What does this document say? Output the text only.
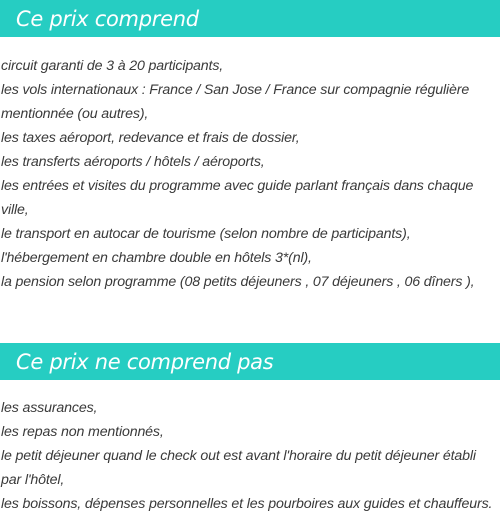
Ce prix comprend
circuit garanti de 3 à 20 participants,
les vols internationaux : France / San Jose / France sur compagnie régulière mentionnée (ou autres),
les taxes aéroport, redevance et frais de dossier,
les transferts aéroports / hôtels / aéroports,
les entrées et visites du programme avec guide parlant français dans chaque ville,
le transport en autocar de tourisme (selon nombre de participants),
l'hébergement en chambre double en hôtels 3*(nl),
la pension selon programme (08 petits déjeuners , 07 déjeuners , 06 dîners ),
Ce prix ne comprend pas
les assurances,
les repas non mentionnés,
le petit déjeuner quand le check out est avant l'horaire du petit déjeuner établi par l'hôtel,
les boissons, dépenses personnelles et les pourboires aux guides et chauffeurs.
